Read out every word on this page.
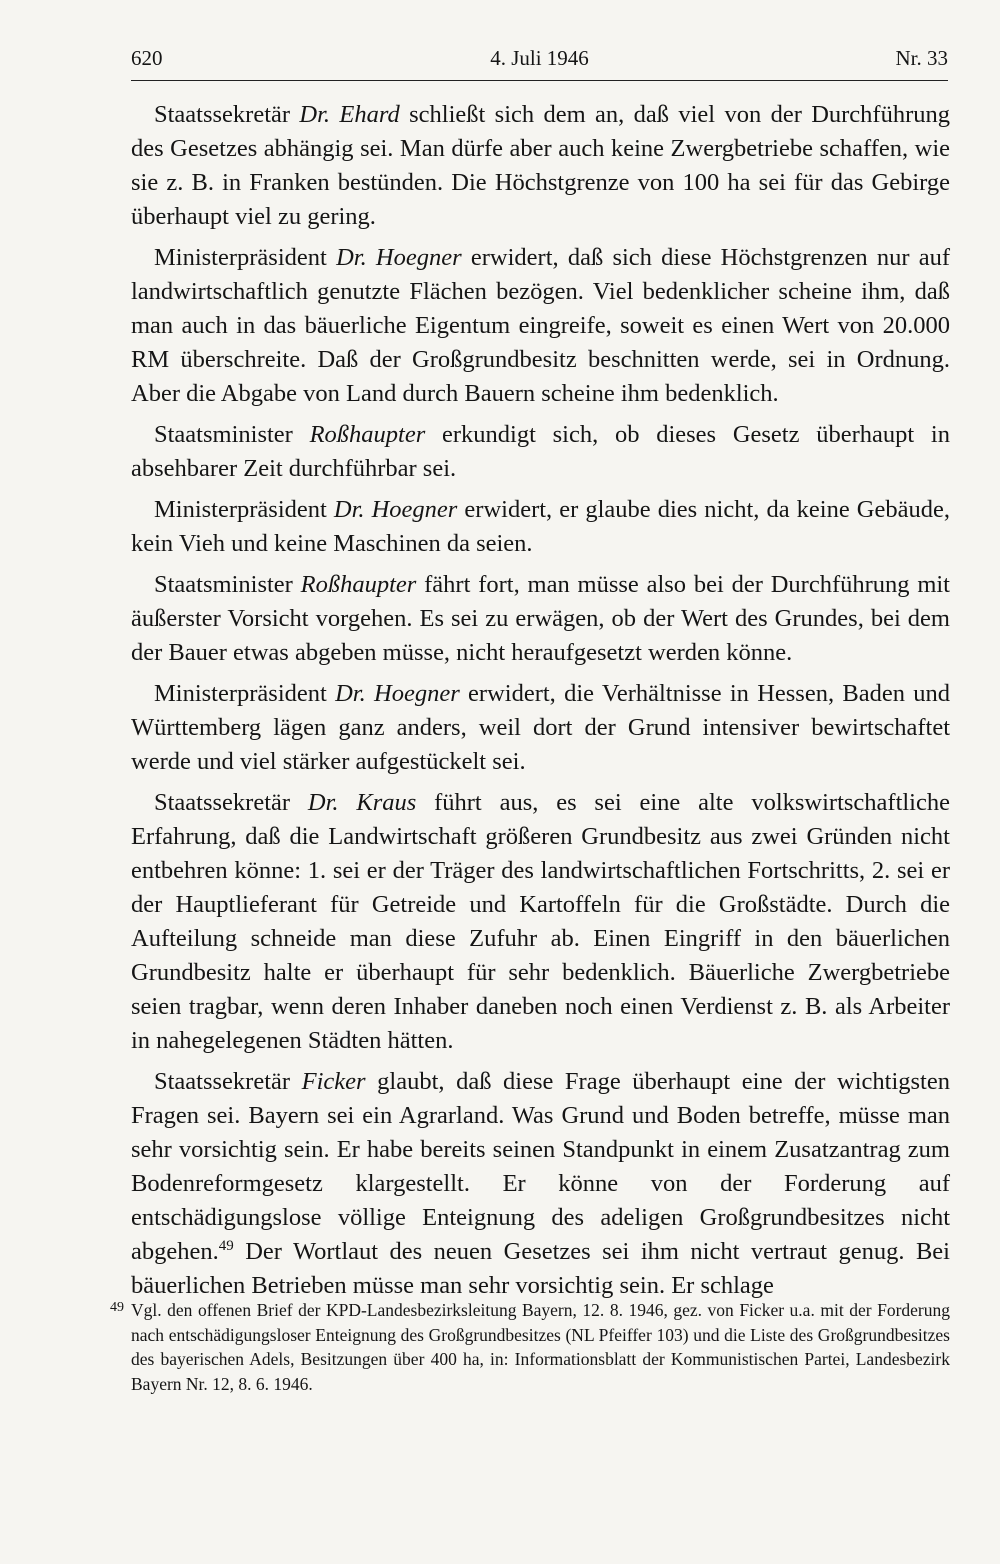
620	4. Juli 1946	Nr. 33

Staatssekretär Dr. Ehard schließt sich dem an, daß viel von der Durchführung des Gesetzes abhängig sei. Man dürfe aber auch keine Zwergbetriebe schaffen, wie sie z. B. in Franken bestünden. Die Höchstgrenze von 100 ha sei für das Gebirge überhaupt viel zu gering.

Ministerpräsident Dr. Hoegner erwidert, daß sich diese Höchstgrenzen nur auf landwirtschaftlich genutzte Flächen bezögen. Viel bedenklicher scheine ihm, daß man auch in das bäuerliche Eigentum eingreife, soweit es einen Wert von 20.000 RM überschreite. Daß der Großgrundbesitz beschnitten werde, sei in Ordnung. Aber die Abgabe von Land durch Bauern scheine ihm bedenklich.

Staatsminister Roßhaupter erkundigt sich, ob dieses Gesetz überhaupt in absehbarer Zeit durchführbar sei.

Ministerpräsident Dr. Hoegner erwidert, er glaube dies nicht, da keine Gebäude, kein Vieh und keine Maschinen da seien.

Staatsminister Roßhaupter fährt fort, man müsse also bei der Durchführung mit äußerster Vorsicht vorgehen. Es sei zu erwägen, ob der Wert des Grundes, bei dem der Bauer etwas abgeben müsse, nicht heraufgesetzt werden könne.

Ministerpräsident Dr. Hoegner erwidert, die Verhältnisse in Hessen, Baden und Württemberg lägen ganz anders, weil dort der Grund intensiver bewirtschaftet werde und viel stärker aufgestückelt sei.

Staatssekretär Dr. Kraus führt aus, es sei eine alte volkswirtschaftliche Erfahrung, daß die Landwirtschaft größeren Grundbesitz aus zwei Gründen nicht entbehren könne: 1. sei er der Träger des landwirtschaftlichen Fortschritts, 2. sei er der Hauptlieferant für Getreide und Kartoffeln für die Großstädte. Durch die Aufteilung schneide man diese Zufuhr ab. Einen Eingriff in den bäuerlichen Grundbesitz halte er überhaupt für sehr bedenklich. Bäuerliche Zwergbetriebe seien tragbar, wenn deren Inhaber daneben noch einen Verdienst z. B. als Arbeiter in nahegelegenen Städten hätten.

Staatssekretär Ficker glaubt, daß diese Frage überhaupt eine der wichtigsten Fragen sei. Bayern sei ein Agrarland. Was Grund und Boden betreffe, müsse man sehr vorsichtig sein. Er habe bereits seinen Standpunkt in einem Zusatzantrag zum Bodenreformgesetz klargestellt. Er könne von der Forderung auf entschädigungslose völlige Enteignung des adeligen Großgrundbesitzes nicht abgehen.$^{49}$ Der Wortlaut des neuen Gesetzes sei ihm nicht vertraut genug. Bei bäuerlichen Betrieben müsse man sehr vorsichtig sein. Er schlage

49 Vgl. den offenen Brief der KPD-Landesbezirksleitung Bayern, 12. 8. 1946, gez. von Ficker u.a. mit der Forderung nach entschädigungsloser Enteignung des Großgrundbesitzes (NL Pfeiffer 103) und die Liste des Großgrundbesitzes des bayerischen Adels, Besitzungen über 400 ha, in: Informationsblatt der Kommunistischen Partei, Landesbezirk Bayern Nr. 12, 8. 6. 1946.
